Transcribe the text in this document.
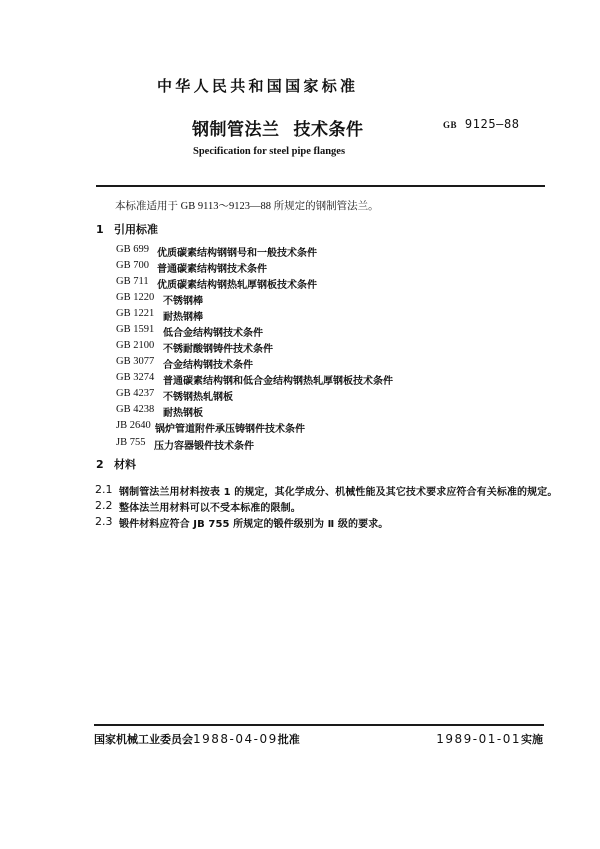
中华人民共和国国家标准
钢制管法兰 技术条件	GB 9125—88
Specification for steel pipe flanges
本标准适用于 GB 9113～9123—88 所规定的钢制管法兰。
1 引用标准
GB 699 优质碳素结构钢钢号和一般技术条件
GB 700 普通碳素结构钢技术条件
GB 711 优质碳素结构钢热轧厚钢板技术条件
GB 1220 不锈钢棒
GB 1221 耐热钢棒
GB 1591 低合金结构钢技术条件
GB 2100 不锈耐酸钢铸件技术条件
GB 3077 合金结构钢技术条件
GB 3274 普通碳素结构钢和低合金结构钢热轧厚钢板技术条件
GB 4237 不锈钢热轧钢板
GB 4238 耐热钢板
JB 2640 锅炉管道附件承压铸钢件技术条件
JB 755 压力容器锻件技术条件
2 材料
2.1 钢制管法兰用材料按表 1 的规定，其化学成分、机械性能及其它技术要求应符合有关标准的规定。
2.2 整体法兰用材料可以不受本标准的限制。
2.3 锻件材料应符合 JB 755 所规定的锻件级别为 Ⅱ 级的要求。
国家机械工业委员会1988-04-09批准	1989-01-01实施
